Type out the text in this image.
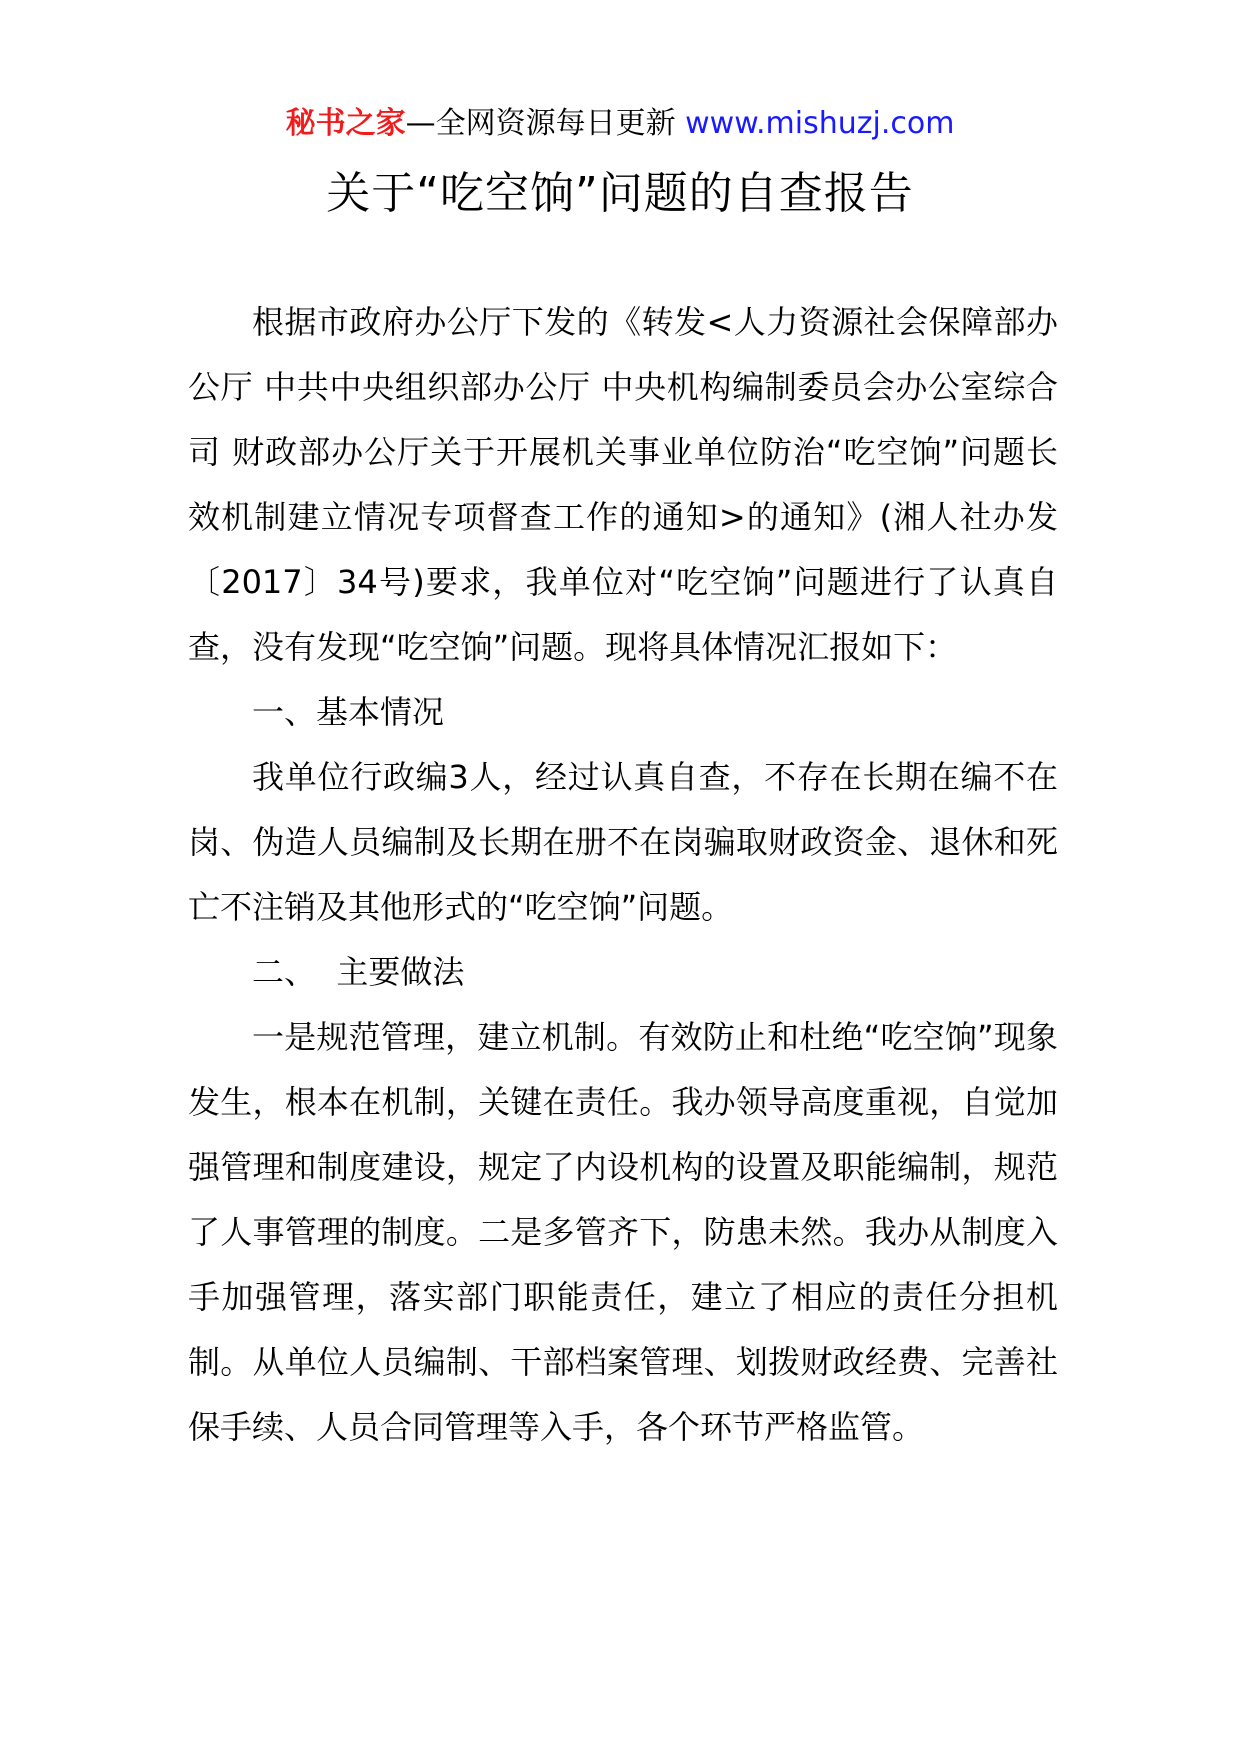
秘书之家—全网资源每日更新 www.mishuzj.com
关于“吃空饷”问题的自查报告

根据市政府办公厅下发的《转发<人力资源社会保障部办公厅 中共中央组织部办公厅 中央机构编制委员会办公室综合司 财政部办公厅关于开展机关事业单位防治“吃空饷”问题长效机制建立情况专项督查工作的通知>的通知》(湘人社办发〔2017〕34号)要求，我单位对“吃空饷”问题进行了认真自查，没有发现“吃空饷”问题。现将具体情况汇报如下：

一、基本情况

我单位行政编3人，经过认真自查，不存在长期在编不在岗、伪造人员编制及长期在册不在岗骗取财政资金、退休和死亡不注销及其他形式的“吃空饷”问题。

二、  主要做法

一是规范管理，建立机制。有效防止和杜绝“吃空饷”现象发生，根本在机制，关键在责任。我办领导高度重视，自觉加强管理和制度建设，规定了内设机构的设置及职能编制，规范了人事管理的制度。二是多管齐下，防患未然。我办从制度入手加强管理，落实部门职能责任，建立了相应的责任分担机制。从单位人员编制、干部档案管理、划拨财政经费、完善社保手续、人员合同管理等入手，各个环节严格监管。
